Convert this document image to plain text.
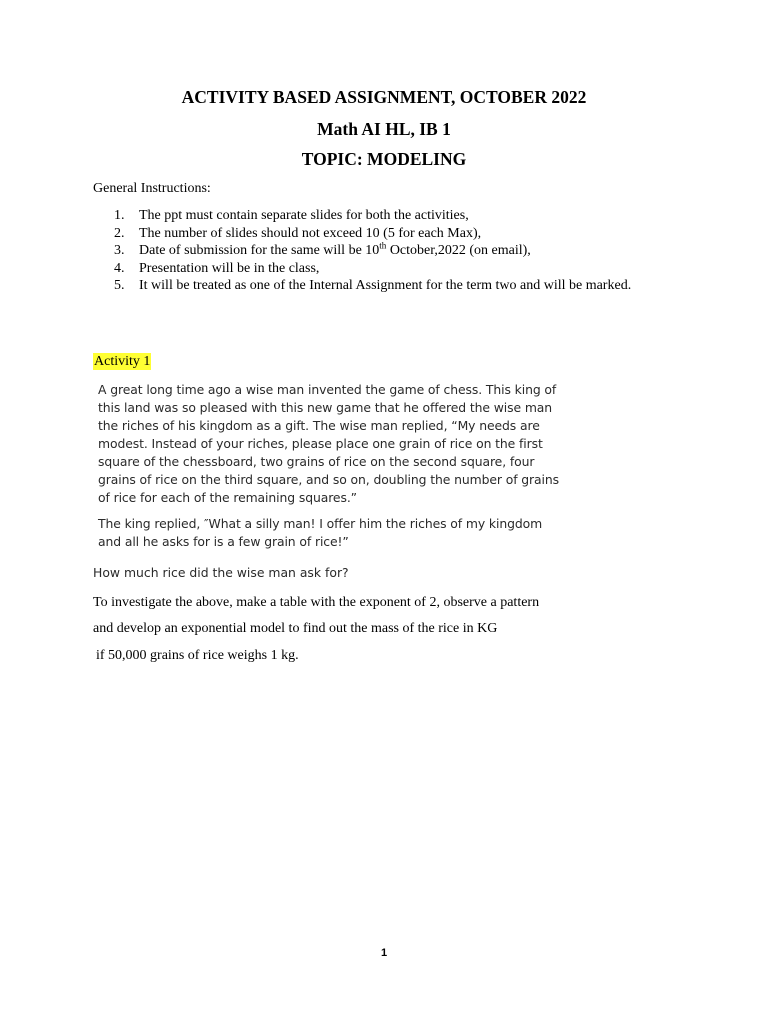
ACTIVITY BASED ASSIGNMENT, OCTOBER 2022
Math AI HL, IB 1
TOPIC: MODELING

General Instructions:

1. The ppt must contain separate slides for both the activities,
2. The number of slides should not exceed 10 (5 for each Max),
3. Date of submission for the same will be 10th October,2022 (on email),
4. Presentation will be in the class,
5. It will be treated as one of the Internal Assignment for the term two and will be marked.

Activity 1

A great long time ago a wise man invented the game of chess. This king of this land was so pleased with this new game that he offered the wise man the riches of his kingdom as a gift. The wise man replied, “My needs are modest. Instead of your riches, please place one grain of rice on the first square of the chessboard, two grains of rice on the second square, four grains of rice on the third square, and so on, doubling the number of grains of rice for each of the remaining squares.”

The king replied, ″What a silly man! I offer him the riches of my kingdom and all he asks for is a few grain of rice!”

How much rice did the wise man ask for?

To investigate the above, make a table with the exponent of 2, observe a pattern

and develop an exponential model to find out the mass of the rice in KG

if 50,000 grains of rice weighs 1 kg.

1
